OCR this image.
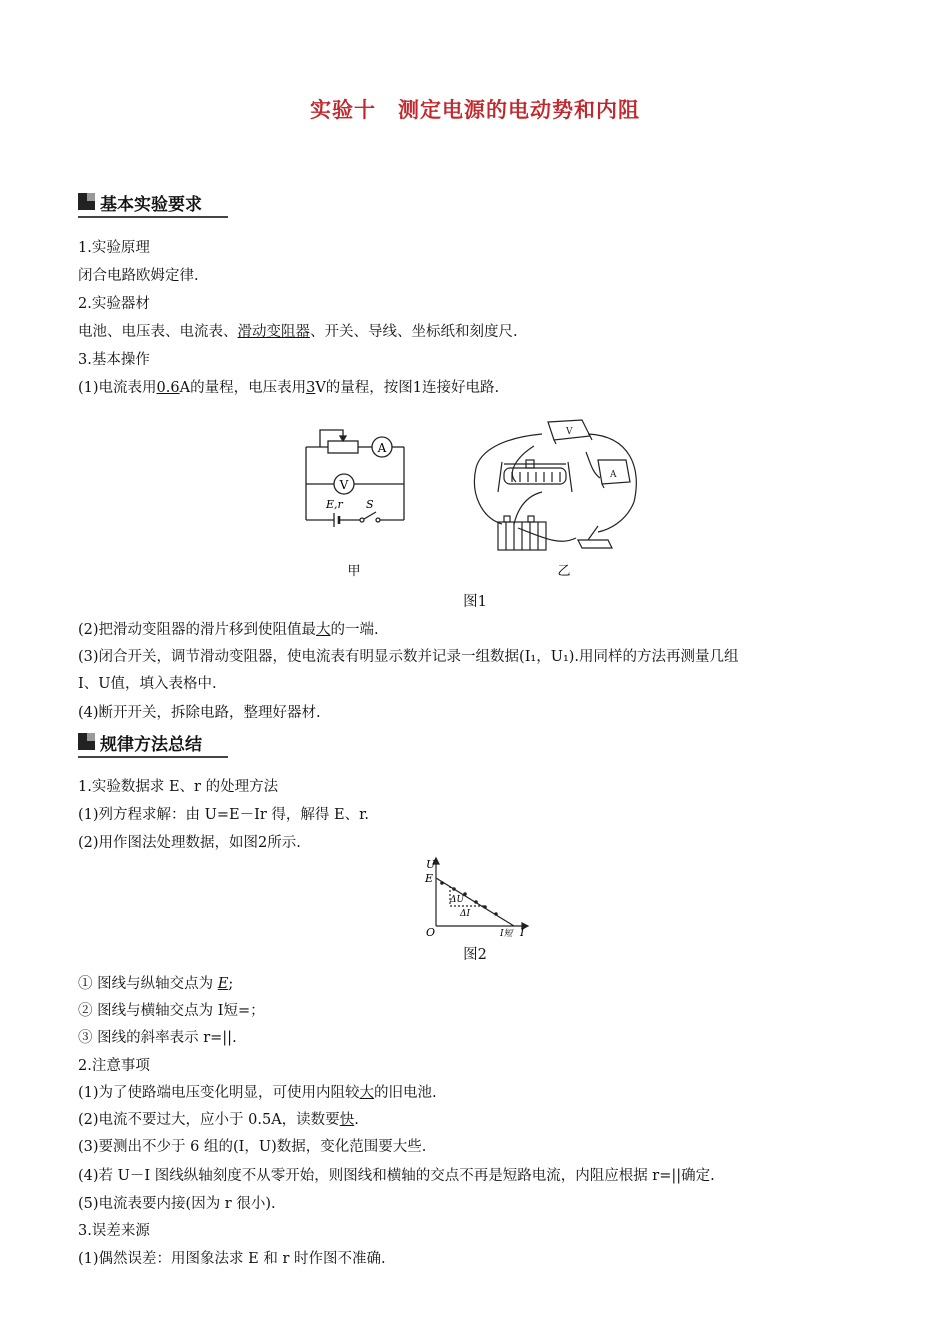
实验十　测定电源的电动势和内阻
基本实验要求
1.实验原理
闭合电路欧姆定律.
2.实验器材
电池、电压表、电流表、滑动变阻器、开关、导线、坐标纸和刻度尺.
3.基本操作
(1)电流表用0.6A的量程，电压表用3V的量程，按图1连接好电路.
A
V
E,r S
甲
V
A
乙
图1
(2)把滑动变阻器的滑片移到使阻值最大的一端.
(3)闭合开关，调节滑动变阻器，使电流表有明显示数并记录一组数据(I₁，U₁).用同样的方法再测量几组
I、U值，填入表格中.
(4)断开开关，拆除电路，整理好器材.
规律方法总结
1.实验数据求 E、r 的处理方法
(1)列方程求解：由 U=E－Ir 得，解得 E、r.
(2)用作图法处理数据，如图2所示.
U
E
O	I短 I
ΔU
ΔI
图2
① 图线与纵轴交点为 E;
② 图线与横轴交点为 I短=；
③ 图线的斜率表示 r=||.
2.注意事项
(1)为了使路端电压变化明显，可使用内阻较大的旧电池.
(2)电流不要过大，应小于 0.5A，读数要快.
(3)要测出不少于 6 组的(I，U)数据，变化范围要大些.
(4)若 U－I 图线纵轴刻度不从零开始，则图线和横轴的交点不再是短路电流，内阻应根据 r=||确定.
(5)电流表要内接(因为 r 很小).
3.误差来源
(1)偶然误差：用图象法求 E 和 r 时作图不准确.
